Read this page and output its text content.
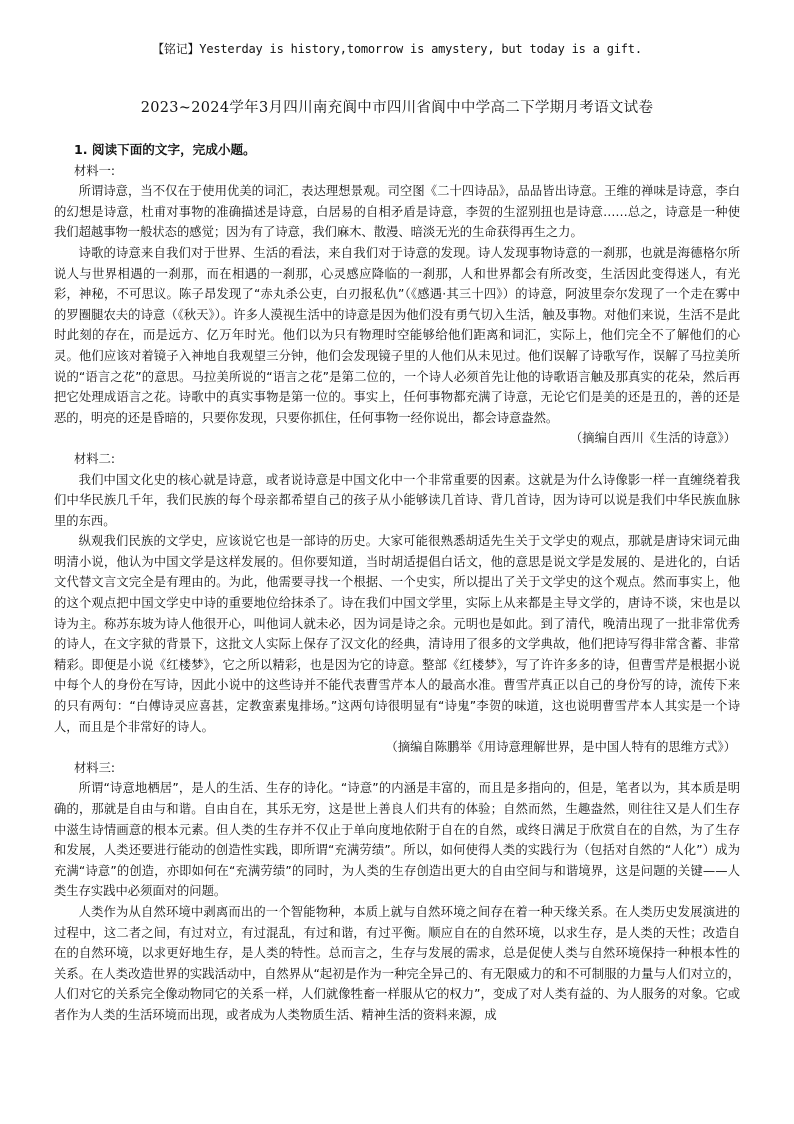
【铭记】Yesterday is history,tomorrow is amystery, but today is a gift.
2023~2024学年3月四川南充阆中市四川省阆中中学高二下学期月考语文试卷
1. 阅读下面的文字，完成小题。
材料一:

所谓诗意，当不仅在于使用优美的词汇，表达理想景观。司空图《二十四诗品》，品品皆出诗意。王维的禅味是诗意，李白的幻想是诗意，杜甫对事物的准确描述是诗意，白居易的自相矛盾是诗意，李贺的生涩别扭也是诗意……总之，诗意是一种使我们超越事物一般状态的感觉；因为有了诗意，我们麻木、散漫、暗淡无光的生命获得再生之力。

诗歌的诗意来自我们对于世界、生活的看法，来自我们对于诗意的发现。诗人发现事物诗意的一刹那，也就是海德格尔所说人与世界相遇的一刹那，而在相遇的一刹那，心灵感应降临的一刹那，人和世界都会有所改变，生活因此变得迷人，有光彩，神秘，不可思议。陈子昂发现了“赤丸杀公吏，白刃报私仇”（《感遇·其三十四》）的诗意，阿波里奈尔发现了一个走在雾中的罗圈腿农夫的诗意（《秋天》）。许多人漠视生活中的诗意是因为他们没有勇气切入生活，触及事物。对他们来说，生活不是此时此刻的存在，而是远方、亿万年时光。他们以为只有物理时空能够给他们距离和词汇，实际上，他们完全不了解他们的心灵。他们应该对着镜子入神地自我观望三分钟，他们会发现镜子里的人他们从未见过。他们误解了诗歌写作，误解了马拉美所说的“语言之花”的意思。马拉美所说的“语言之花”是第二位的，一个诗人必须首先让他的诗歌语言触及那真实的花朵，然后再把它处理成语言之花。诗歌中的真实事物是第一位的。事实上，任何事物都充满了诗意，无论它们是美的还是丑的，善的还是恶的，明亮的还是昏暗的，只要你发现，只要你抓住，任何事物一经你说出，都会诗意盎然。

（摘编自西川《生活的诗意》）
材料二:

我们中国文化史的核心就是诗意，或者说诗意是中国文化中一个非常重要的因素。这就是为什么诗像影一样一直缠绕着我们中华民族几千年，我们民族的每个母亲都希望自己的孩子从小能够读几首诗、背几首诗，因为诗可以说是我们中华民族血脉里的东西。

纵观我们民族的文学史，应该说它也是一部诗的历史。大家可能很熟悉胡适先生关于文学史的观点，那就是唐诗宋词元曲明清小说，他认为中国文学是这样发展的。但你要知道，当时胡适提倡白话文，他的意思是说文学是发展的、是进化的，白话文代替文言文完全是有理由的。为此，他需要寻找一个根据、一个史实，所以提出了关于文学史的这个观点。然而事实上，他的这个观点把中国文学史中诗的重要地位给抹杀了。诗在我们中国文学里，实际上从来都是主导文学的，唐诗不谈，宋也是以诗为主。称苏东坡为诗人他很开心，叫他词人就未必，因为词是诗之余。元明也是如此。到了清代，晚清出现了一批非常优秀的诗人，在文字狱的背景下，这批文人实际上保存了汉文化的经典，清诗用了很多的文学典故，他们把诗写得非常含蓄、非常精彩。即便是小说《红楼梦》，它之所以精彩，也是因为它的诗意。整部《红楼梦》，写了许许多多的诗，但曹雪芹是根据小说中每个人的身份在写诗，因此小说中的这些诗并不能代表曹雪芹本人的最高水准。曹雪芹真正以自己的身份写的诗，流传下来的只有两句：“白傅诗灵应喜甚，定教蛮素鬼排场。”这两句诗很明显有“诗鬼”李贺的味道，这也说明曹雪芹本人其实是一个诗人，而且是个非常好的诗人。

（摘编自陈鹏举《用诗意理解世界，是中国人特有的思维方式》）
材料三:

所谓“诗意地栖居”，是人的生活、生存的诗化。“诗意”的内涵是丰富的，而且是多指向的，但是，笔者以为，其本质是明确的，那就是自由与和谐。自由自在，其乐无穷，这是世上善良人们共有的体验；自然而然，生趣盎然，则往往又是人们生存中滋生诗情画意的根本元素。但人类的生存并不仅止于单向度地依附于自在的自然，或终日满足于欣赏自在的自然，为了生存和发展，人类还要进行能动的创造性实践，即所谓“充满劳绩”。所以，如何使得人类的实践行为（包括对自然的“人化”）成为充满“诗意”的创造，亦即如何在“充满劳绩”的同时，为人类的生存创造出更大的自由空间与和谐境界，这是问题的关键——人类生存实践中必须面对的问题。

人类作为从自然环境中剥离而出的一个智能物种，本质上就与自然环境之间存在着一种天缘关系。在人类历史发展演进的过程中，这二者之间，有过对立，有过混乱，有过和谐，有过平衡。顺应自在的自然环境，以求生存，是人类的天性；改造自在的自然环境，以求更好地生存，是人类的特性。总而言之，生存与发展的需求，总是促使人类与自然环境保持一种根本性的关系。在人类改造世界的实践活动中，自然界从“起初是作为一种完全异己的、有无限威力的和不可制服的力量与人们对立的，人们对它的关系完全像动物同它的关系一样，人们就像牲畜一样服从它的权力”，变成了对人类有益的、为人服务的对象。它或者作为人类的生活环境而出现，或者成为人类物质生活、精神生活的资料来源，成
